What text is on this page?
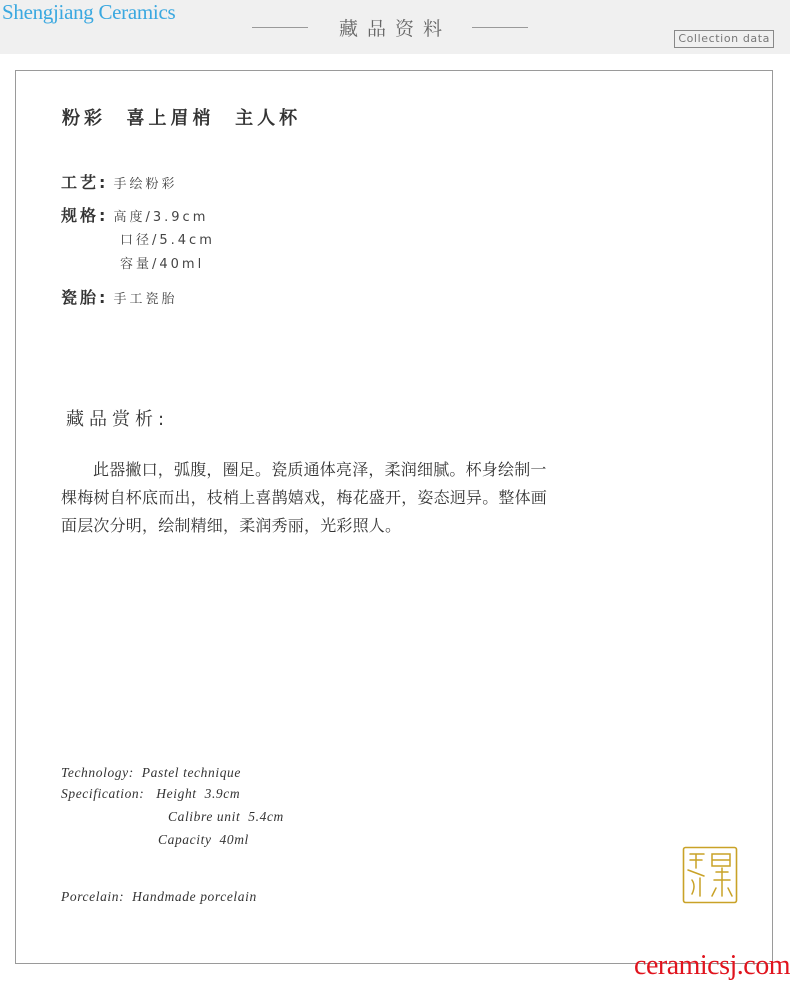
Shengjiang Ceramics
藏品资料	Collection data
粉彩  喜上眉梢  主人杯
工艺: 手绘粉彩
规格: 高度/3.9cm
口径/5.4cm
容量/40ml
瓷胎: 手工瓷胎
藏品赏析:
此器撇口，弧腹，圈足。瓷质通体亮泽，柔润细腻。杯身绘制一棵梅树自杯底而出，枝梢上喜鹊嬉戏，梅花盛开，姿态迥异。整体画面层次分明，绘制精细，柔润秀丽，光彩照人。
Technology:  Pastel technique
Specification:   Height  3.9cm
Calibre unit  5.4cm
Capacity  40ml
Porcelain:  Handmade porcelain
ceramicsj.com
